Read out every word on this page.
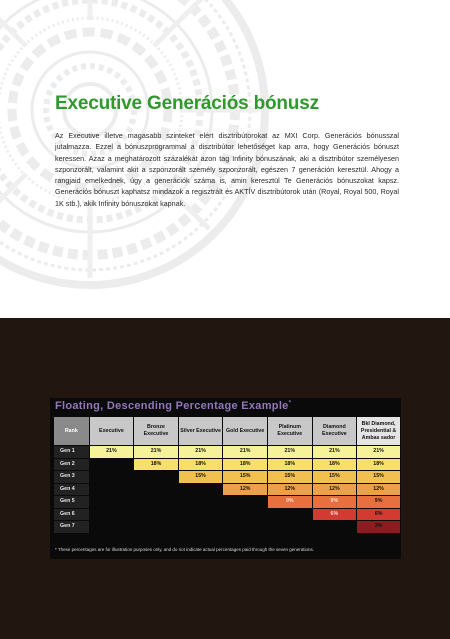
Executive Generációs bónusz

Az Executive illetve magasabb szinteket elért disztribútorokat az MXI Corp. Generációs bónusszal jutalmazza. Ezzel a bónuszprogrammal a disztribútor lehetőséget kap arra, hogy Generációs bónuszt keressen. Azaz a meghatározott százalékát azon tag Infinity bónuszának, aki a disztribútor személyesen szponzorált, valamint akit a szponzorált személy szponzorált, egészen 7 generáción keresztül. Ahogy a rangjaid emelkednek, úgy a generációk száma is, amin keresztül Te Generációs bónuszokat kapsz. Generációs bónuszt kaphatsz mindazok a regisztrált és AKTÍV disztribútorok után (Royal, Royal 500, Royal 1K stb.), akik Infinity bónuszokat kapnak.

Floating, Descending Percentage Example*
Rank	Executive	Bronze Executive	Silver Executive	Gold Executive	Platinum Executive	Diamond Executive	Bkl Diamond, Presidential & Ambas sador
Gen 1	21%	21%	21%	21%	21%	21%	21%
Gen 2		18%	18%	18%	18%	18%	18%
Gen 3			15%	15%	15%	15%	15%
Gen 4				12%	12%	12%	12%
Gen 5					9%	9%	9%
Gen 6						6%	6%
Gen 7							3%
* These percentages are for illustration purposes only, and do not indicate actual percentages paid through the seven generations.
